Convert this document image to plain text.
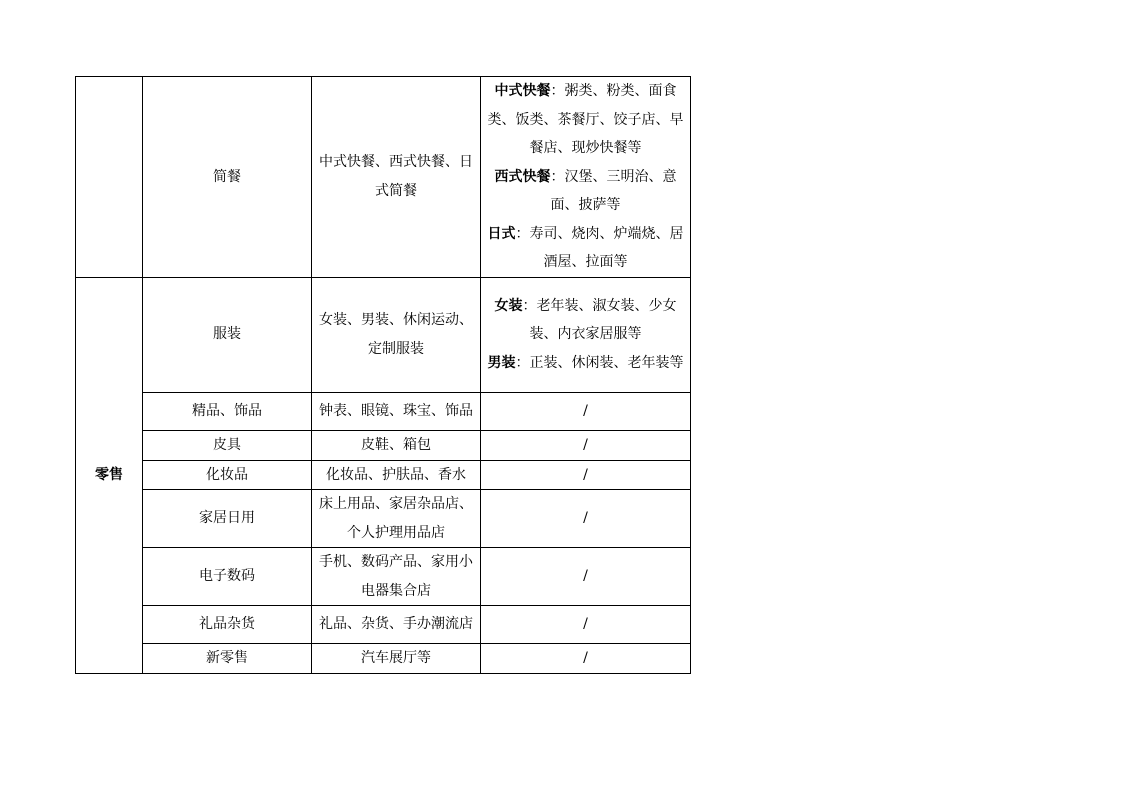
	简餐	中式快餐、西式快餐、日式简餐	中式快餐：粥类、粉类、面食类、饭类、茶餐厅、饺子店、早餐店、现炒快餐等
西式快餐：汉堡、三明治、意面、披萨等
日式：寿司、烧肉、炉端烧、居酒屋、拉面等

零售	服装	女装、男装、休闲运动、定制服装	女装：老年装、淑女装、少女装、内衣家居服等
男装：正装、休闲装、老年装等

	精品、饰品	钟表、眼镜、珠宝、饰品	/
	皮具	皮鞋、箱包	/
	化妆品	化妆品、护肤品、香水	/
	家居日用	床上用品、家居杂品店、个人护理用品店	/
	电子数码	手机、数码产品、家用小电器集合店	/
	礼品杂货	礼品、杂货、手办潮流店	/
	新零售	汽车展厅等	/
